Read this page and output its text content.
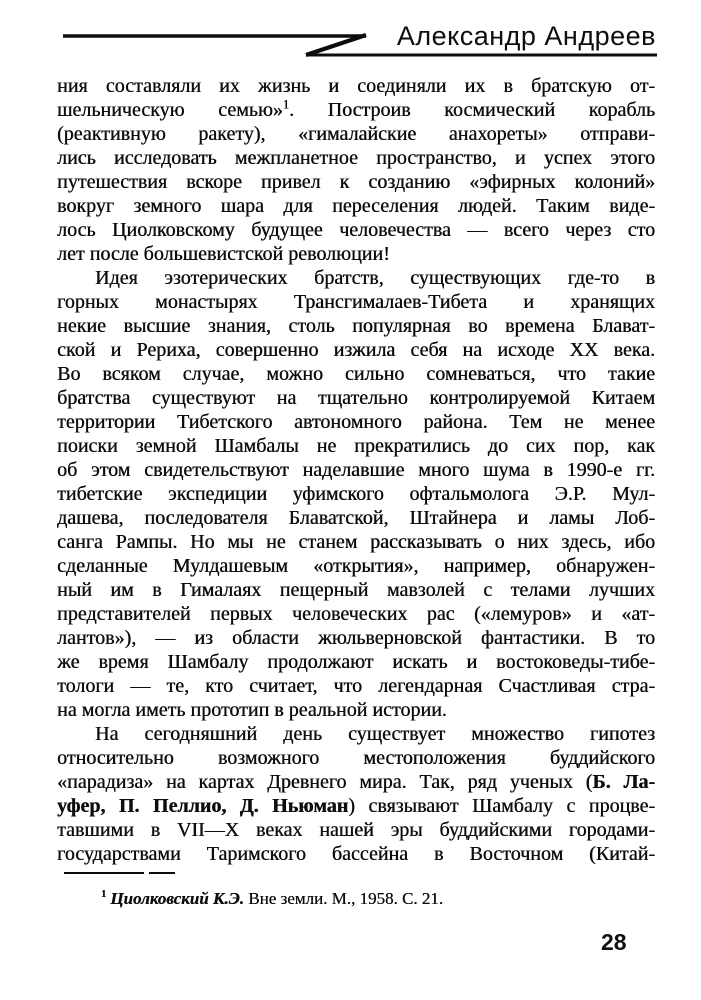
Александр Андреев
ния составляли их жизнь и соединяли их в братскую от-
шельническую семью»$^1$. Построив космический корабль
(реактивную ракету), «гималайские анахореты» отправи-
лись исследовать межпланетное пространство, и успех этого
путешествия вскоре привел к созданию «эфирных колоний»
вокруг земного шара для переселения людей. Таким виде-
лось Циолковскому будущее человечества — всего через сто
лет после большевистской революции!
Идея эзотерических братств, существующих где-то в
горных монастырях Трансгималаев-Тибета и хранящих
некие высшие знания, столь популярная во времена Блават-
ской и Рериха, совершенно изжила себя на исходе XX века.
Во всяком случае, можно сильно сомневаться, что такие
братства существуют на тщательно контролируемой Китаем
территории Тибетского автономного района. Тем не менее
поиски земной Шамбалы не прекратились до сих пор, как
об этом свидетельствуют наделавшие много шума в 1990-е гг.
тибетские экспедиции уфимского офтальмолога Э.Р. Мул-
дашева, последователя Блаватской, Штайнера и ламы Лоб-
санга Рампы. Но мы не станем рассказывать о них здесь, ибо
сделанные Мулдашевым «открытия», например, обнаружен-
ный им в Гималаях пещерный мавзолей с телами лучших
представителей первых человеческих рас («лемуров» и «ат-
лантов»), — из области жюльверновской фантастики. В то
же время Шамбалу продолжают искать и востоковеды-тибе-
тологи — те, кто считает, что легендарная Счастливая стра-
на могла иметь прототип в реальной истории.
На сегодняшний день существует множество гипотез
относительно возможного местоположения буддийского
«парадиза» на картах Древнего мира. Так, ряд ученых (Б. Ла-
уфер, П. Пеллио, Д. Ньюман) связывают Шамбалу с процве-
тавшими в VII—X веках нашей эры буддийскими городами-
государствами Таримского бассейна в Восточном (Китай-
$^1$ Циолковский К.Э. Вне земли. М., 1958. С. 21.
28
